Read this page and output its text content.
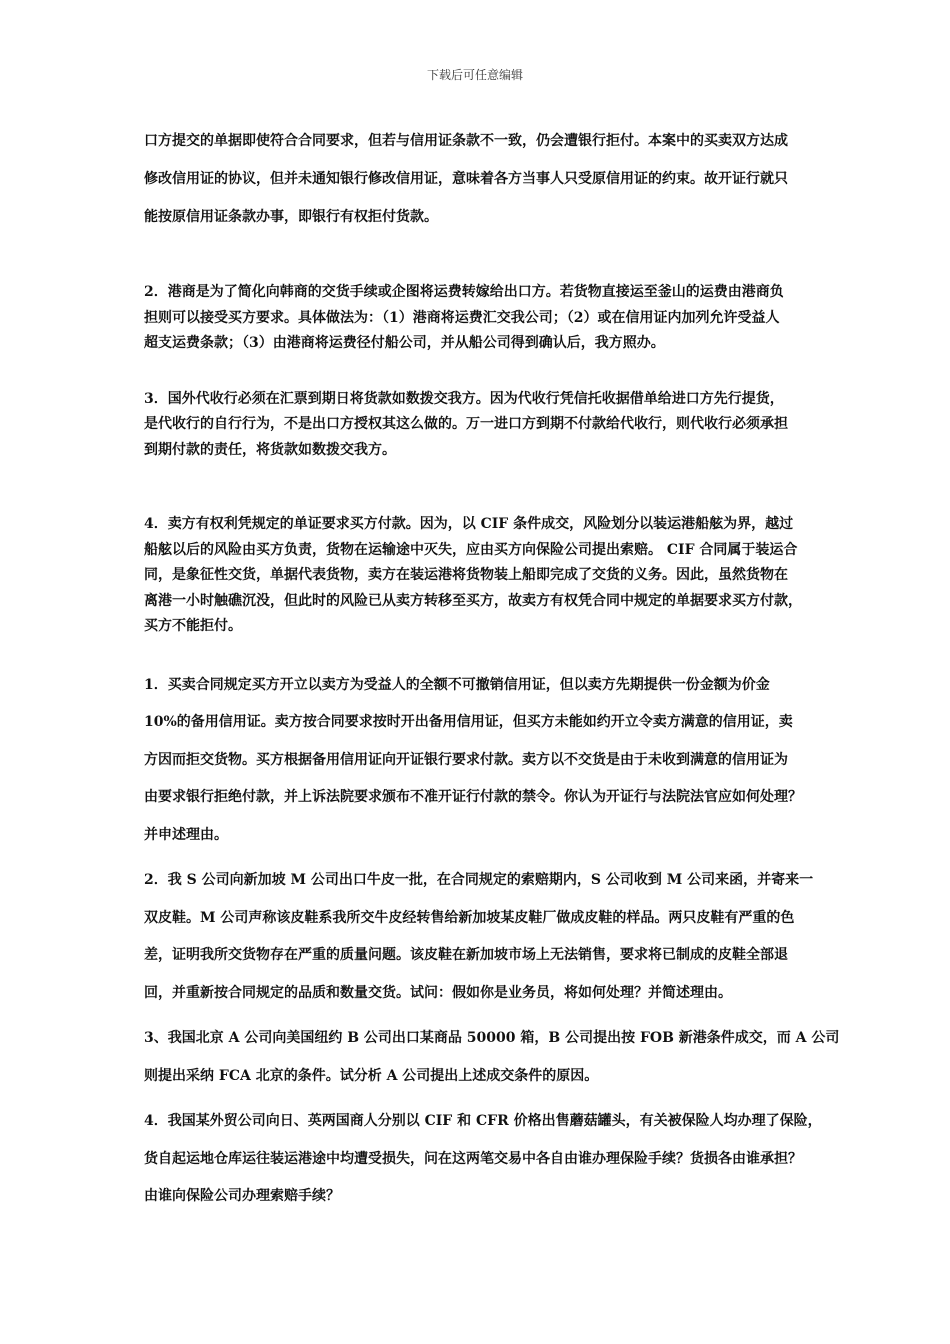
下载后可任意编辑
口方提交的单据即使符合合同要求，但若与信用证条款不一致，仍会遭银行拒付。本案中的买卖双方达成
修改信用证的协议，但并未通知银行修改信用证，意味着各方当事人只受原信用证的约束。故开证行就只
能按原信用证条款办事，即银行有权拒付货款。
2．港商是为了简化向韩商的交货手续或企图将运费转嫁给出口方。若货物直接运至釜山的运费由港商负
担则可以接受买方要求。具体做法为：（1）港商将运费汇交我公司；（2）或在信用证内加列允许受益人
超支运费条款；（3）由港商将运费径付船公司，并从船公司得到确认后，我方照办。
3．国外代收行必须在汇票到期日将货款如数拨交我方。因为代收行凭信托收据借单给进口方先行提货，
是代收行的自行行为，不是出口方授权其这么做的。万一进口方到期不付款给代收行，则代收行必须承担
到期付款的责任，将货款如数拨交我方。
4．卖方有权利凭规定的单证要求买方付款。因为，以 CIF 条件成交，风险划分以装运港船舷为界，越过
船舷以后的风险由买方负责，货物在运输途中灭失，应由买方向保险公司提出索赔。 CIF 合同属于装运合
同，是象征性交货，单据代表货物，卖方在装运港将货物装上船即完成了交货的义务。因此，虽然货物在
离港一小时触礁沉没，但此时的风险已从卖方转移至买方，故卖方有权凭合同中规定的单据要求买方付款，
买方不能拒付。
1．买卖合同规定买方开立以卖方为受益人的全额不可撤销信用证，但以卖方先期提供一份金额为价金
10%的备用信用证。卖方按合同要求按时开出备用信用证，但买方未能如约开立令卖方满意的信用证，卖
方因而拒交货物。买方根据备用信用证向开证银行要求付款。卖方以不交货是由于未收到满意的信用证为
由要求银行拒绝付款，并上诉法院要求颁布不准开证行付款的禁令。你认为开证行与法院法官应如何处理？
并申述理由。
2．我 S 公司向新加坡 M 公司出口牛皮一批，在合同规定的索赔期内，S 公司收到 M 公司来函，并寄来一
双皮鞋。M 公司声称该皮鞋系我所交牛皮经转售给新加坡某皮鞋厂做成皮鞋的样品。两只皮鞋有严重的色
差，证明我所交货物存在严重的质量问题。该皮鞋在新加坡市场上无法销售，要求将已制成的皮鞋全部退
回，并重新按合同规定的品质和数量交货。试问：假如你是业务员，将如何处理？并简述理由。
3、我国北京 A 公司向美国纽约 B 公司出口某商品 50000 箱，B 公司提出按 FOB 新港条件成交，而 A 公司
则提出采纳 FCA 北京的条件。试分析 A 公司提出上述成交条件的原因。
4．我国某外贸公司向日、英两国商人分别以 CIF 和 CFR 价格出售蘑菇罐头，有关被保险人均办理了保险，
货自起运地仓库运往装运港途中均遭受损失，问在这两笔交易中各自由谁办理保险手续？货损各由谁承担？
由谁向保险公司办理索赔手续？
